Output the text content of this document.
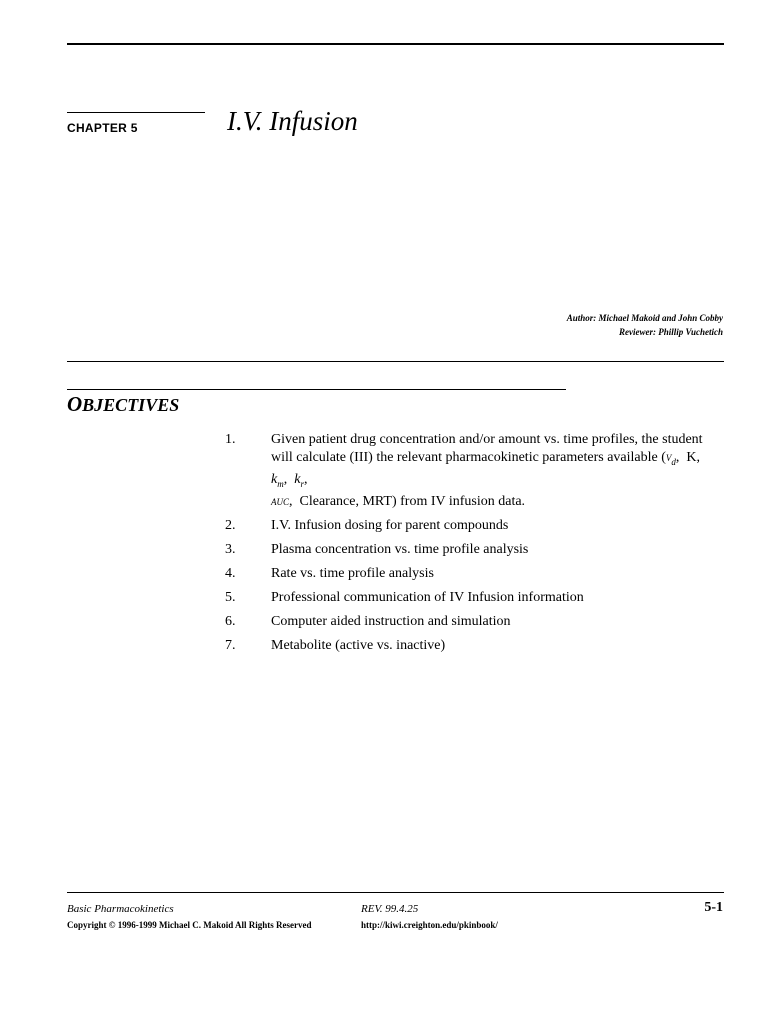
CHAPTER 5	I.V. Infusion
Author: Michael Makoid and John Cobby
Reviewer: Phillip Vuchetich
OBJECTIVES
1.	Given patient drug concentration and/or amount vs. time profiles, the student will calculate (III) the relevant pharmacokinetic parameters available ($V_d$,  K,  $k_m$,  $k_r$,
AUC,  Clearance, MRT) from IV infusion data.
2.	I.V. Infusion dosing for parent compounds
3.	Plasma concentration vs. time profile analysis
4.	Rate vs. time profile analysis
5.	Professional communication of IV Infusion information
6.	Computer aided instruction and simulation
7.	Metabolite (active vs. inactive)
Basic Pharmacokinetics	REV. 99.4.25	5-1
Copyright © 1996-1999 Michael C. Makoid All Rights Reserved	http://kiwi.creighton.edu/pkinbook/
